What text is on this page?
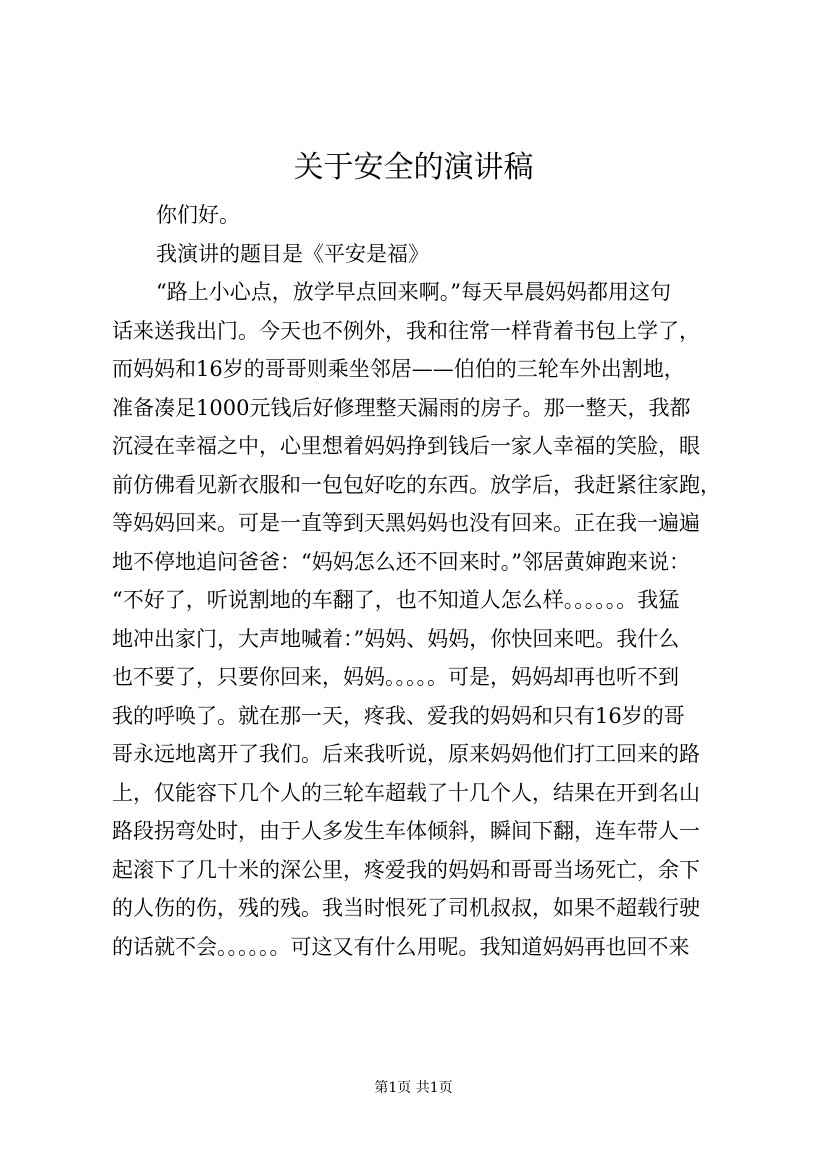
关于安全的演讲稿
你们好。
我演讲的题目是《平安是福》
“路上小心点，放学早点回来啊。”每天早晨妈妈都用这句
话来送我出门。今天也不例外，我和往常一样背着书包上学了，
而妈妈和16岁的哥哥则乘坐邻居——伯伯的三轮车外出割地，
准备凑足1000元钱后好修理整天漏雨的房子。那一整天，我都
沉浸在幸福之中，心里想着妈妈挣到钱后一家人幸福的笑脸，眼
前仿佛看见新衣服和一包包好吃的东西。放学后，我赶紧往家跑，
等妈妈回来。可是一直等到天黑妈妈也没有回来。正在我一遍遍
地不停地追问爸爸：“妈妈怎么还不回来时。”邻居黄婶跑来说：
“不好了，听说割地的车翻了，也不知道人怎么样。。。。。。我猛
地冲出家门，大声地喊着：”妈妈、妈妈，你快回来吧。我什么
也不要了，只要你回来，妈妈。。。。。可是，妈妈却再也听不到
我的呼唤了。就在那一天，疼我、爱我的妈妈和只有16岁的哥
哥永远地离开了我们。后来我听说，原来妈妈他们打工回来的路
上，仅能容下几个人的三轮车超载了十几个人，结果在开到名山
路段拐弯处时，由于人多发生车体倾斜，瞬间下翻，连车带人一
起滚下了几十米的深公里，疼爱我的妈妈和哥哥当场死亡，余下
的人伤的伤，残的残。我当时恨死了司机叔叔，如果不超载行驶
的话就不会。。。。。。可这又有什么用呢。我知道妈妈再也回不来
第1页 共1页
